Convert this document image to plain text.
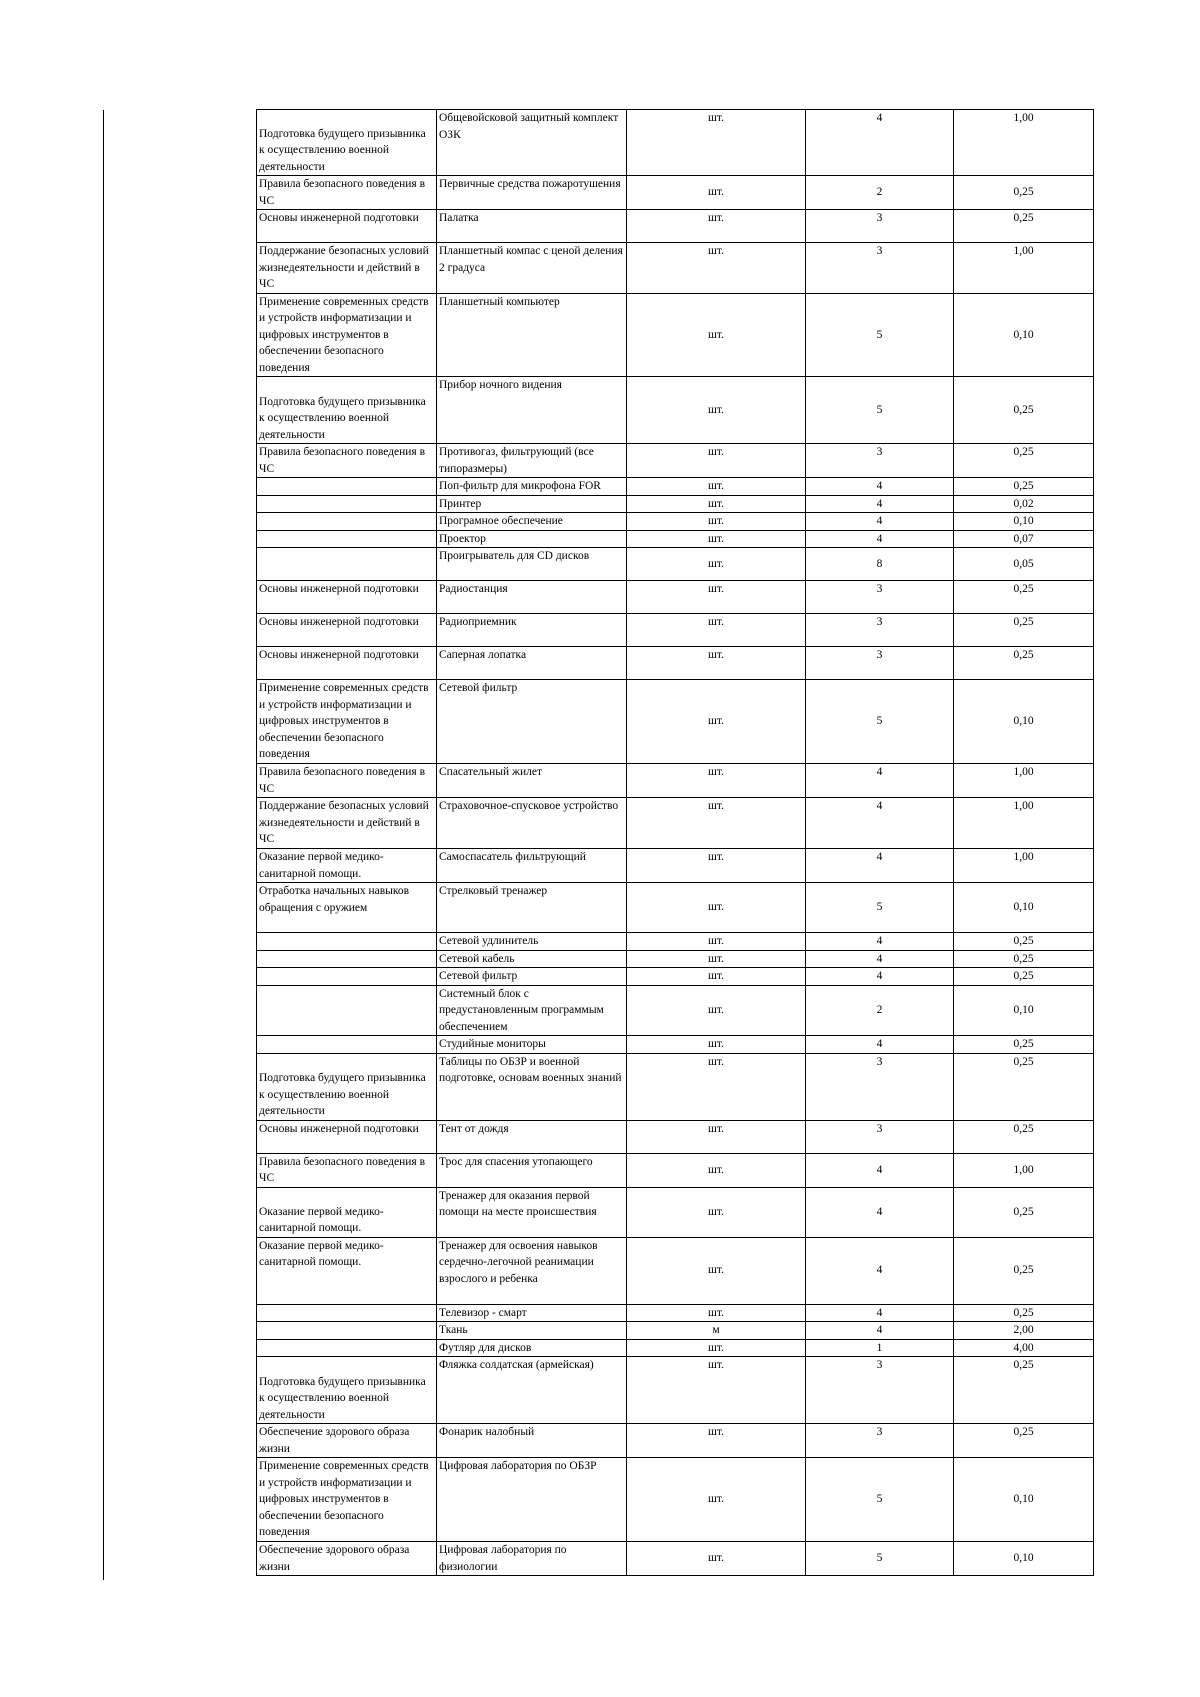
Подготовка будущего призывника к осуществлению военной деятельности	Общевойсковой защитный комплект ОЗК	шт.	4	1,00
Правила безопасного поведения в ЧС	Первичные средства пожаротушения	шт.	2	0,25
Основы инженерной подготовки	Палатка	шт.	3	0,25
Поддержание безопасных условий жизнедеятельности и действий в ЧС	Планшетный компас с ценой деления 2 градуса	шт.	3	1,00
Применение современных средств и устройств информатизации и цифровых инструментов в обеспечении безопасного поведения	Планшетный компьютер	шт.	5	0,10
Подготовка будущего призывника к осуществлению военной деятельности	Прибор ночного видения	шт.	5	0,25
Правила безопасного поведения в ЧС	Противогаз, фильтрующий (все типоразмеры)	шт.	3	0,25
	Поп-фильтр для микрофона FOR	шт.	4	0,25
	Принтер	шт.	4	0,02
	Програмное обеспечение	шт.	4	0,10
	Проектор	шт.	4	0,07
	Проигрыватель для CD дисков	шт.	8	0,05
Основы инженерной подготовки	Радиостанция	шт.	3	0,25
Основы инженерной подготовки	Радиоприемник	шт.	3	0,25
Основы инженерной подготовки	Саперная лопатка	шт.	3	0,25
Применение современных средств и устройств информатизации и цифровых инструментов в обеспечении безопасного поведения	Сетевой фильтр	шт.	5	0,10
Правила безопасного поведения в ЧС	Спасательный жилет	шт.	4	1,00
Поддержание безопасных условий жизнедеятельности и действий в ЧС	Страховочное-спусковое устройство	шт.	4	1,00
Оказание первой медико-санитарной помощи.	Самоспасатель фильтрующий	шт.	4	1,00
Отработка начальных навыков обращения с оружием	Стрелковый тренажер	шт.	5	0,10
	Сетевой удлинитель	шт.	4	0,25
	Сетевой кабель	шт.	4	0,25
	Сетевой фильтр	шт.	4	0,25
	Системный блок с предустановленным программым обеспечением	шт.	2	0,10
	Студийные мониторы	шт.	4	0,25
Подготовка будущего призывника к осуществлению военной деятельности	Таблицы по ОБЗР и военной подготовке, основам военных знаний	шт.	3	0,25
Основы инженерной подготовки	Тент от дождя	шт.	3	0,25
Правила безопасного поведения в ЧС	Трос для спасения утопающего	шт.	4	1,00
Оказание первой медико-санитарной помощи.	Тренажер для оказания первой помощи на месте происшествия	шт.	4	0,25
Оказание первой медико-санитарной помощи.	Тренажер для освоения навыков сердечно-легочной реанимации взрослого и ребенка	шт.	4	0,25
	Телевизор - смарт	шт.	4	0,25
	Ткань	м	4	2,00
	Футляр для дисков	шт.	1	4,00
Подготовка будущего призывника к осуществлению военной деятельности	Фляжка солдатская (армейская)	шт.	3	0,25
Обеспечение здорового образа жизни	Фонарик налобный	шт.	3	0,25
Применение современных средств и устройств информатизации и цифровых инструментов в обеспечении безопасного поведения	Цифровая лаборатория по ОБЗР	шт.	5	0,10
Обеспечение здорового образа жизни	Цифровая лаборатория по физиологии	шт.	5	0,10
